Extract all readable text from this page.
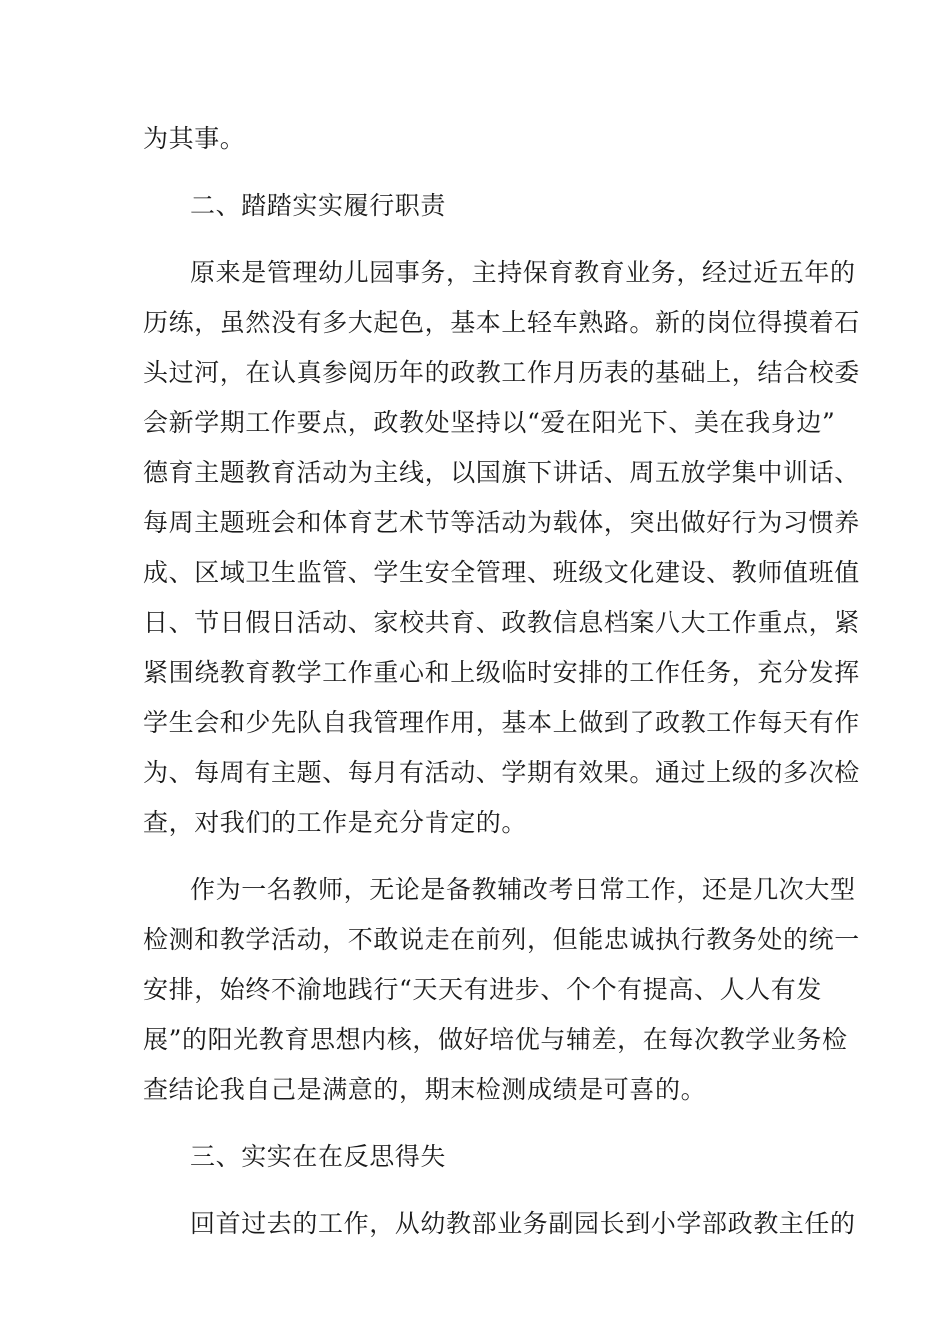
为其事。
二、踏踏实实履行职责
原来是管理幼儿园事务，主持保育教育业务，经过近五年的
历练，虽然没有多大起色，基本上轻车熟路。新的岗位得摸着石
头过河，在认真参阅历年的政教工作月历表的基础上，结合校委
会新学期工作要点，政教处坚持以“爱在阳光下、美在我身边”
德育主题教育活动为主线，以国旗下讲话、周五放学集中训话、
每周主题班会和体育艺术节等活动为载体，突出做好行为习惯养
成、区域卫生监管、学生安全管理、班级文化建设、教师值班值
日、节日假日活动、家校共育、政教信息档案八大工作重点，紧
紧围绕教育教学工作重心和上级临时安排的工作任务，充分发挥
学生会和少先队自我管理作用，基本上做到了政教工作每天有作
为、每周有主题、每月有活动、学期有效果。通过上级的多次检
查，对我们的工作是充分肯定的。
作为一名教师，无论是备教辅改考日常工作，还是几次大型
检测和教学活动，不敢说走在前列，但能忠诚执行教务处的统一
安排，始终不渝地践行“天天有进步、个个有提高、人人有发
展”的阳光教育思想内核，做好培优与辅差，在每次教学业务检
查结论我自己是满意的，期末检测成绩是可喜的。
三、实实在在反思得失
回首过去的工作，从幼教部业务副园长到小学部政教主任的
